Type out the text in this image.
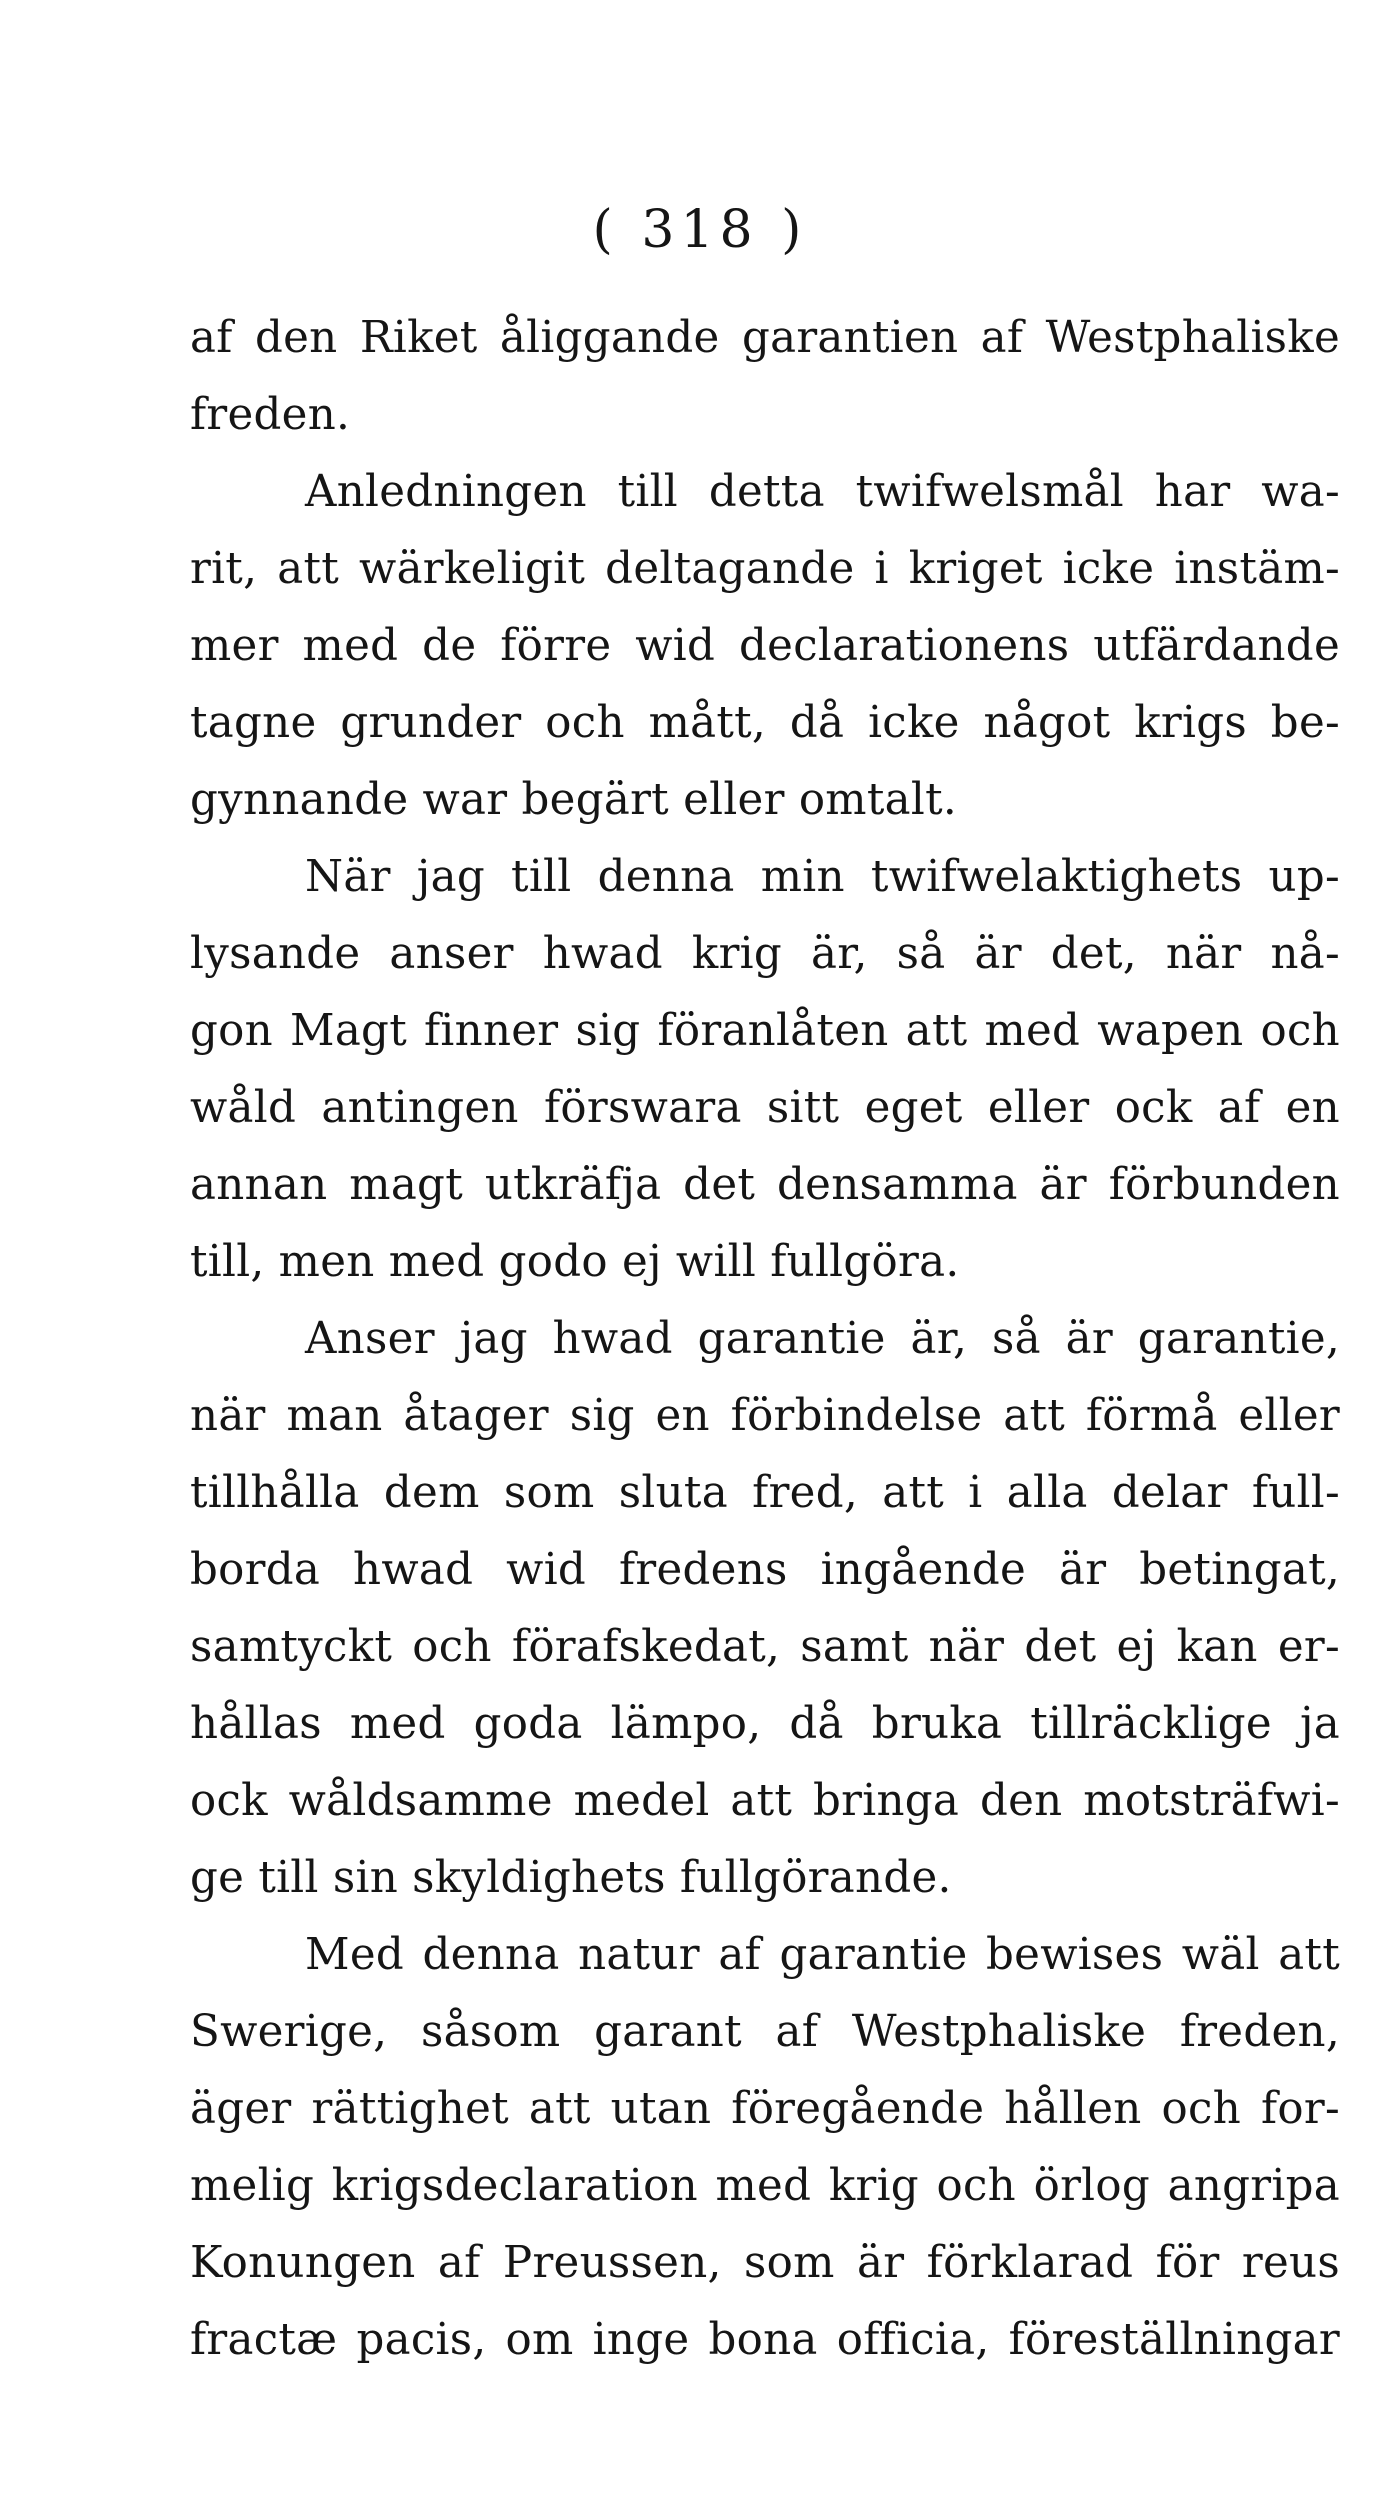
( 318 )
af den Riket åliggande garantien af Westphaliske
freden.
Anledningen till detta twifwelsmål har wa-
rit, att wärkeligit deltagande i kriget icke instäm-
mer med de förre wid declarationens utfärdande
tagne grunder och mått, då icke något krigs be-
gynnande war begärt eller omtalt.
När jag till denna min twifwelaktighets up-
lysande anser hwad krig är, så är det, när nå-
gon Magt finner sig föranlåten att med wapen och
wåld antingen förswara sitt eget eller ock af en
annan magt utkräfja det densamma är förbunden
till, men med godo ej will fullgöra.
Anser jag hwad garantie är, så är garantie,
när man åtager sig en förbindelse att förmå eller
tillhålla dem som sluta fred, att i alla delar full-
borda hwad wid fredens ingående är betingat,
samtyckt och förafskedat, samt när det ej kan er-
hållas med goda lämpo, då bruka tillräcklige ja
ock wåldsamme medel att bringa den motsträfwi-
ge till sin skyldighets fullgörande.
Med denna natur af garantie bewises wäl att
Swerige, såsom garant af Westphaliske freden,
äger rättighet att utan föregående hållen och for-
melig krigsdeclaration med krig och örlog angripa
Konungen af Preussen, som är förklarad för reus
fractæ pacis, om inge bona officia, föreställningar
